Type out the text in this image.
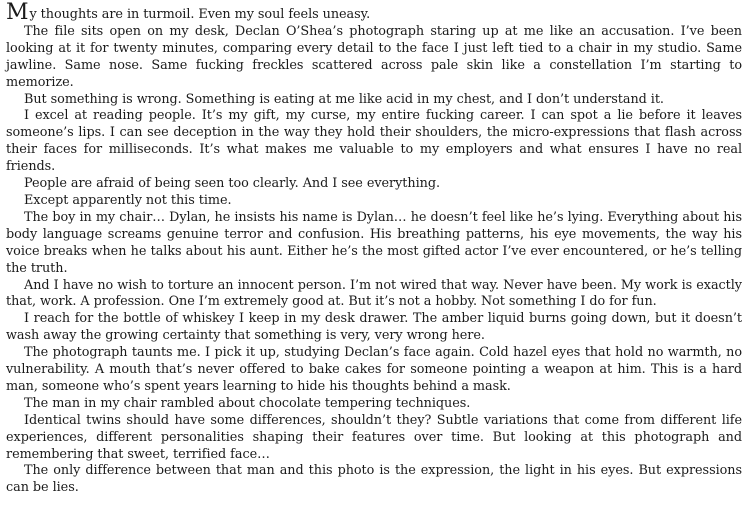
My thoughts are in turmoil. Even my soul feels uneasy.

The file sits open on my desk, Declan O’Shea’s photograph staring up at me like an accusation. I’ve been looking at it for twenty minutes, comparing every detail to the face I just left tied to a chair in my studio. Same jawline. Same nose. Same fucking freckles scattered across pale skin like a constellation I’m starting to memorize.

But something is wrong. Something is eating at me like acid in my chest, and I don’t understand it.

I excel at reading people. It’s my gift, my curse, my entire fucking career. I can spot a lie before it leaves someone’s lips. I can see deception in the way they hold their shoulders, the micro-expressions that flash across their faces for milliseconds. It’s what makes me valuable to my employers and what ensures I have no real friends.

People are afraid of being seen too clearly. And I see everything.

Except apparently not this time.

The boy in my chair… Dylan, he insists his name is Dylan… he doesn’t feel like he’s lying. Everything about his body language screams genuine terror and confusion. His breathing patterns, his eye movements, the way his voice breaks when he talks about his aunt. Either he’s the most gifted actor I’ve ever encountered, or he’s telling the truth.

And I have no wish to torture an innocent person. I’m not wired that way. Never have been. My work is exactly that, work. A profession. One I’m extremely good at. But it’s not a hobby. Not something I do for fun.

I reach for the bottle of whiskey I keep in my desk drawer. The amber liquid burns going down, but it doesn’t wash away the growing certainty that something is very, very wrong here.

The photograph taunts me. I pick it up, studying Declan’s face again. Cold hazel eyes that hold no warmth, no vulnerability. A mouth that’s never offered to bake cakes for someone pointing a weapon at him. This is a hard man, someone who’s spent years learning to hide his thoughts behind a mask.

The man in my chair rambled about chocolate tempering techniques.

Identical twins should have some differences, shouldn’t they? Subtle variations that come from different life experiences, different personalities shaping their features over time. But looking at this photograph and remembering that sweet, terrified face…

The only difference between that man and this photo is the expression, the light in his eyes. But expressions can be lies.
